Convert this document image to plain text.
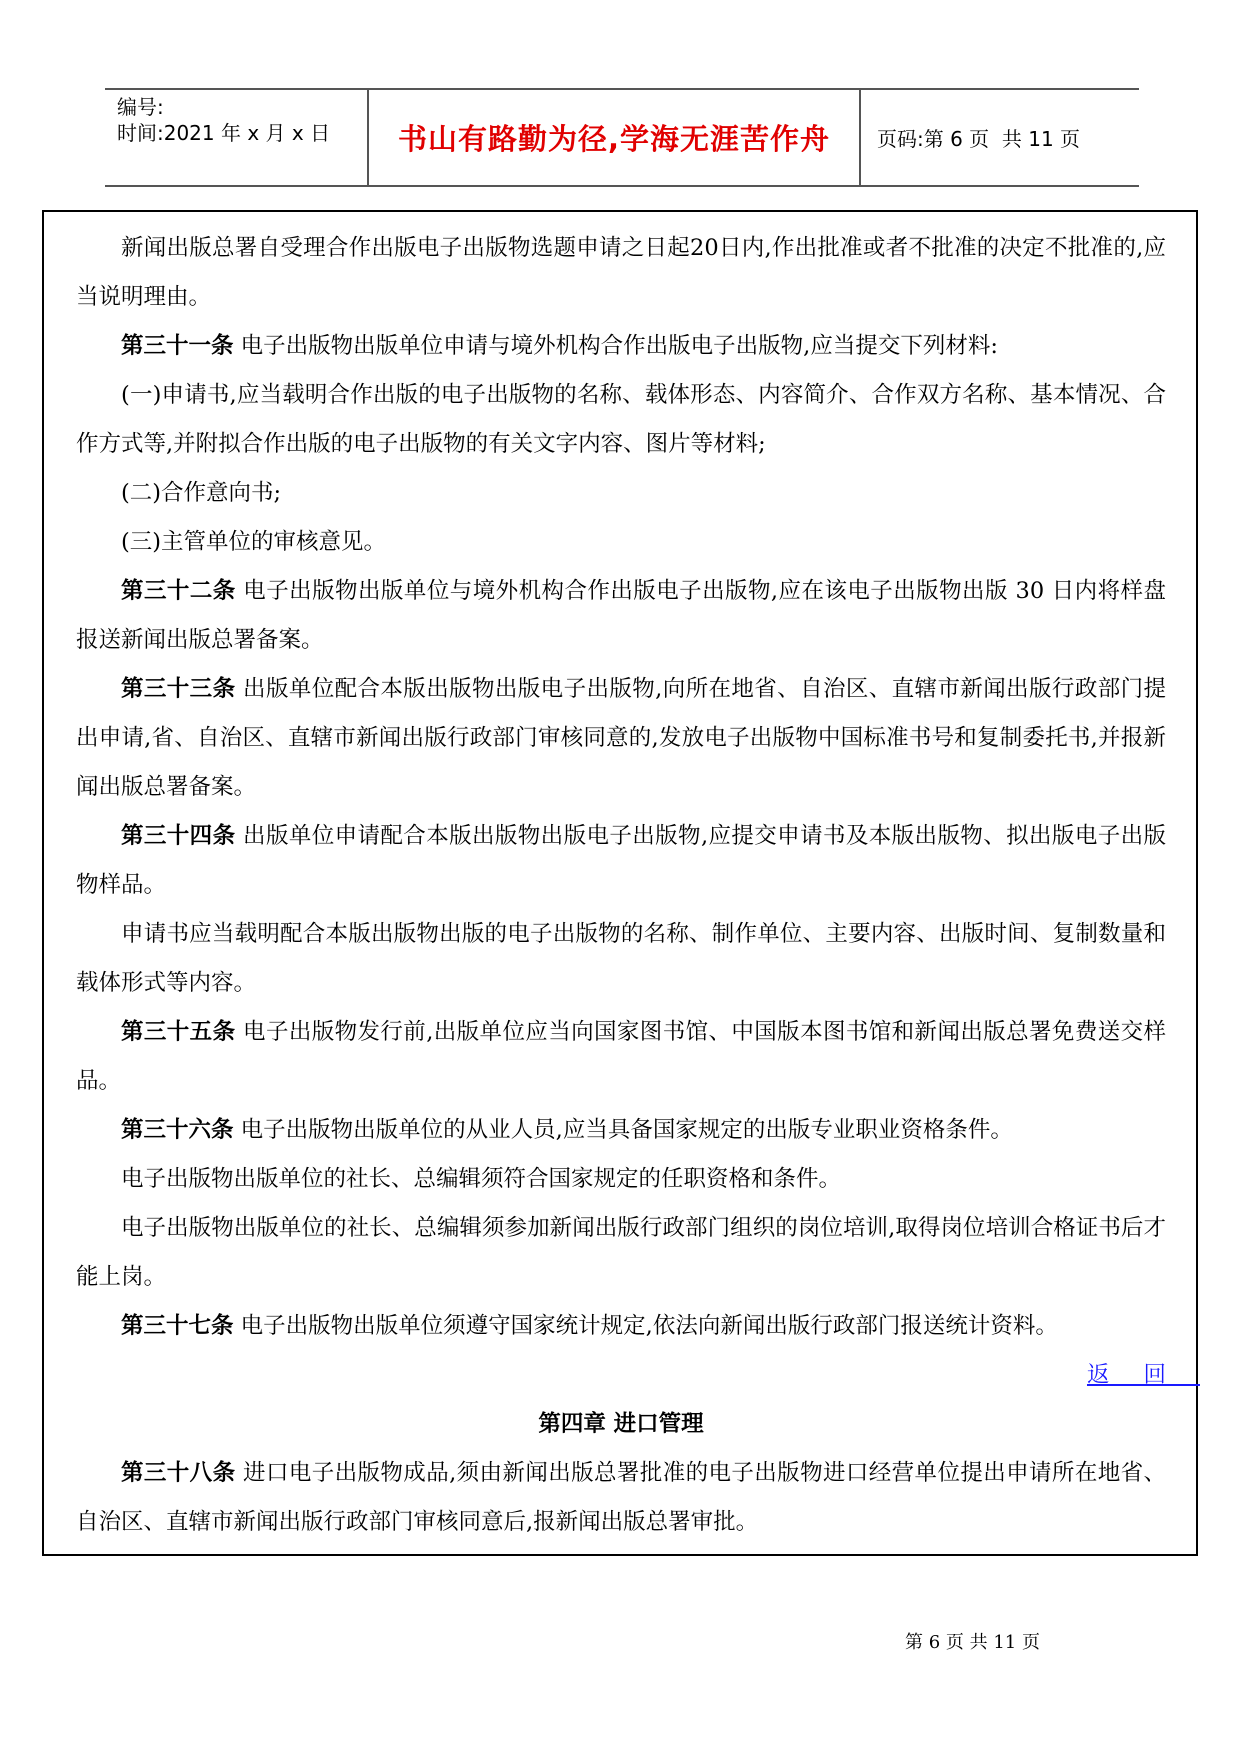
编号:
时间:2021 年 x 月 x 日 书山有路勤为径,学海无涯苦作舟 页码:第 6 页  共 11 页

新闻出版总署自受理合作出版电子出版物选题申请之日起20日内,作出批准或者不批准的决定不批准的,应当说明理由。

第三十一条 电子出版物出版单位申请与境外机构合作出版电子出版物,应当提交下列材料:

(一)申请书,应当载明合作出版的电子出版物的名称、载体形态、内容简介、合作双方名称、基本情况、合作方式等,并附拟合作出版的电子出版物的有关文字内容、图片等材料;

(二)合作意向书;

(三)主管单位的审核意见。

第三十二条 电子出版物出版单位与境外机构合作出版电子出版物,应在该电子出版物出版 30 日内将样盘报送新闻出版总署备案。

第三十三条 出版单位配合本版出版物出版电子出版物,向所在地省、自治区、直辖市新闻出版行政部门提出申请,省、自治区、直辖市新闻出版行政部门审核同意的,发放电子出版物中国标准书号和复制委托书,并报新闻出版总署备案。

第三十四条 出版单位申请配合本版出版物出版电子出版物,应提交申请书及本版出版物、拟出版电子出版物样品。

申请书应当载明配合本版出版物出版的电子出版物的名称、制作单位、主要内容、出版时间、复制数量和载体形式等内容。

第三十五条 电子出版物发行前,出版单位应当向国家图书馆、中国版本图书馆和新闻出版总署免费送交样品。

第三十六条 电子出版物出版单位的从业人员,应当具备国家规定的出版专业职业资格条件。

电子出版物出版单位的社长、总编辑须符合国家规定的任职资格和条件。

电子出版物出版单位的社长、总编辑须参加新闻出版行政部门组织的岗位培训,取得岗位培训合格证书后才能上岗。

第三十七条 电子出版物出版单位须遵守国家统计规定,依法向新闻出版行政部门报送统计资料。

返回
第四章 进口管理

第三十八条 进口电子出版物成品,须由新闻出版总署批准的电子出版物进口经营单位提出申请所在地省、自治区、直辖市新闻出版行政部门审核同意后,报新闻出版总署审批。

第 6 页 共 11 页
